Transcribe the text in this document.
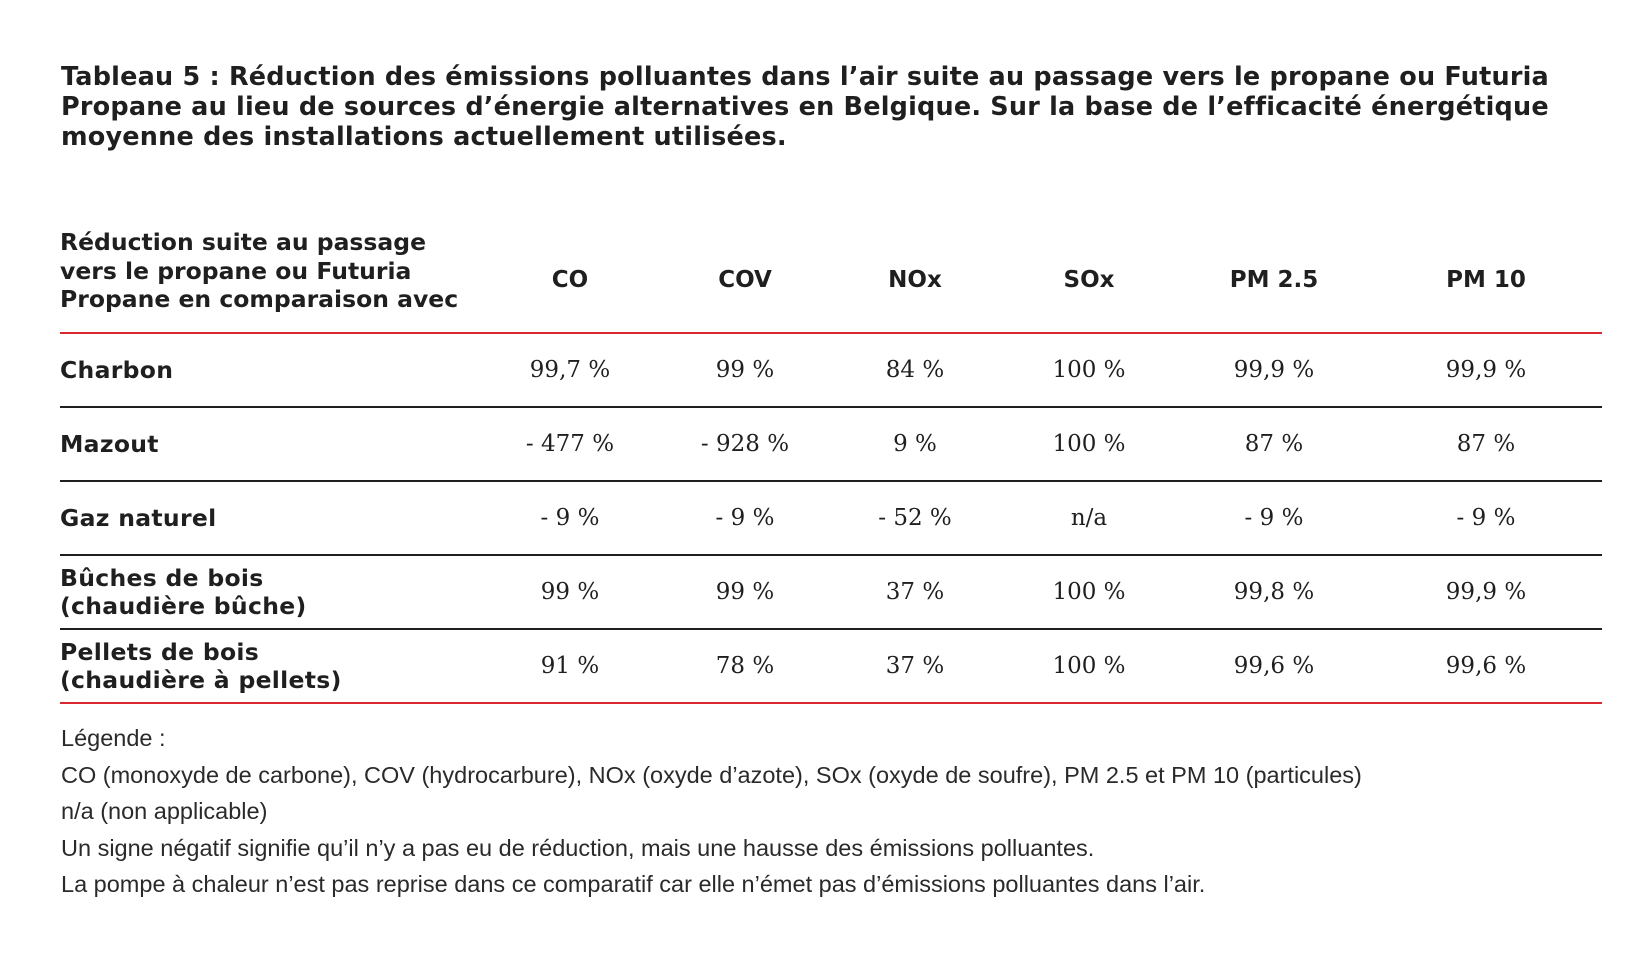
Tableau 5 : Réduction des émissions polluantes dans l’air suite au passage vers le propane ou Futuria Propane au lieu de sources d’énergie alternatives en Belgique. Sur la base de l’efficacité énergétique moyenne des installations actuellement utilisées.
Réduction suite au passage
vers le propane ou Futuria
Propane en comparaison avec	CO	COV	NOx	SOx	PM 2.5	PM 10

Charbon	99,7 %	99 %	84 %	100 %	99,9 %	99,9 %

Mazout	- 477 %	- 928 %	9 %	100 %	87 %	87 %

Gaz naturel	- 9 %	- 9 %	- 52 %	n/a	- 9 %	- 9 %

Bûches de bois
(chaudière bûche)	99 %	99 %	37 %	100 %	99,8 %	99,9 %

Pellets de bois
(chaudière à pellets)	91 %	78 %	37 %	100 %	99,6 %	99,6 %

Légende :

CO (monoxyde de carbone), COV (hydrocarbure), NOx (oxyde d’azote), SOx (oxyde de soufre), PM 2.5 et PM 10 (particules)

n/a (non applicable)

Un signe négatif signifie qu’il n’y a pas eu de réduction, mais une hausse des émissions polluantes.

La pompe à chaleur n’est pas reprise dans ce comparatif car elle n’émet pas d’émissions polluantes dans l’air.
